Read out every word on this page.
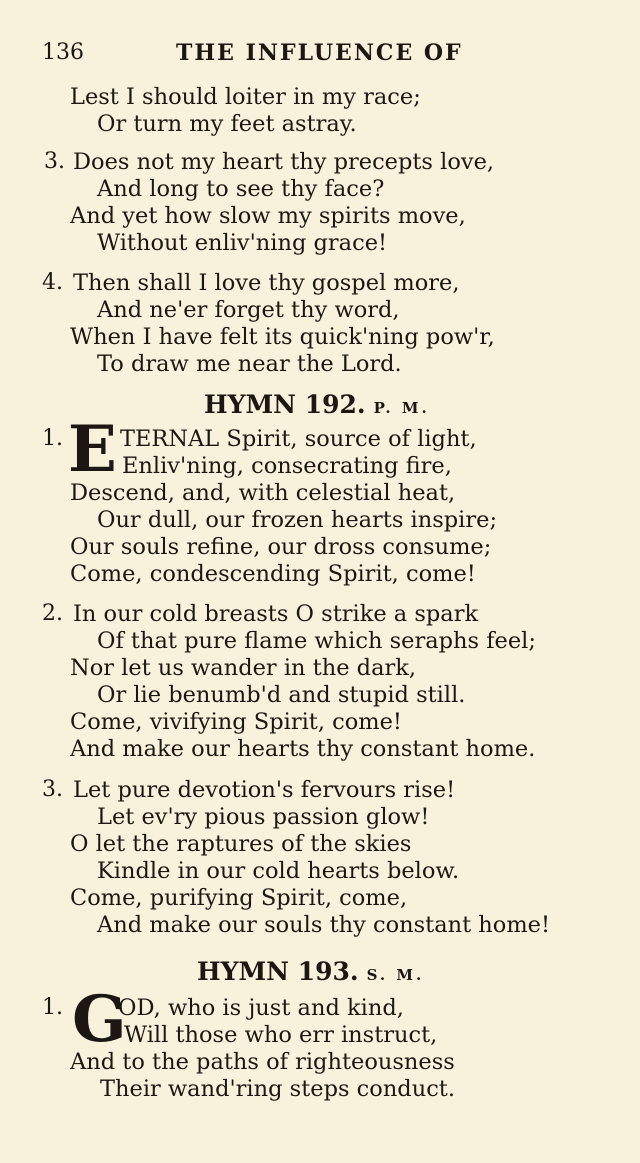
136	THE INFLUENCE OF
Lest I should loiter in my race;
Or turn my feet astray.
3. Does not my heart thy precepts love,
And long to see thy face?
And yet how slow my spirits move,
Without enliv'ning grace!
4. Then shall I love thy gospel more,
And ne'er forget thy word,
When I have felt its quick'ning pow'r,
To draw me near the Lord.
HYMN 192. P. M.
1. E TERNAL Spirit, source of light,
Enliv'ning, consecrating fire,
Descend, and, with celestial heat,
Our dull, our frozen hearts inspire;
Our souls refine, our dross consume;
Come, condescending Spirit, come!
2. In our cold breasts O strike a spark
Of that pure flame which seraphs feel;
Nor let us wander in the dark,
Or lie benumb'd and stupid still.
Come, vivifying Spirit, come!
And make our hearts thy constant home.
3. Let pure devotion's fervours rise!
Let ev'ry pious passion glow!
O let the raptures of the skies
Kindle in our cold hearts below.
Come, purifying Spirit, come,
And make our souls thy constant home!
HYMN 193. S. M.
1. G
OD, who is just and kind,
Will those who err instruct,
And to the paths of righteousness
Their wand'ring steps conduct.
